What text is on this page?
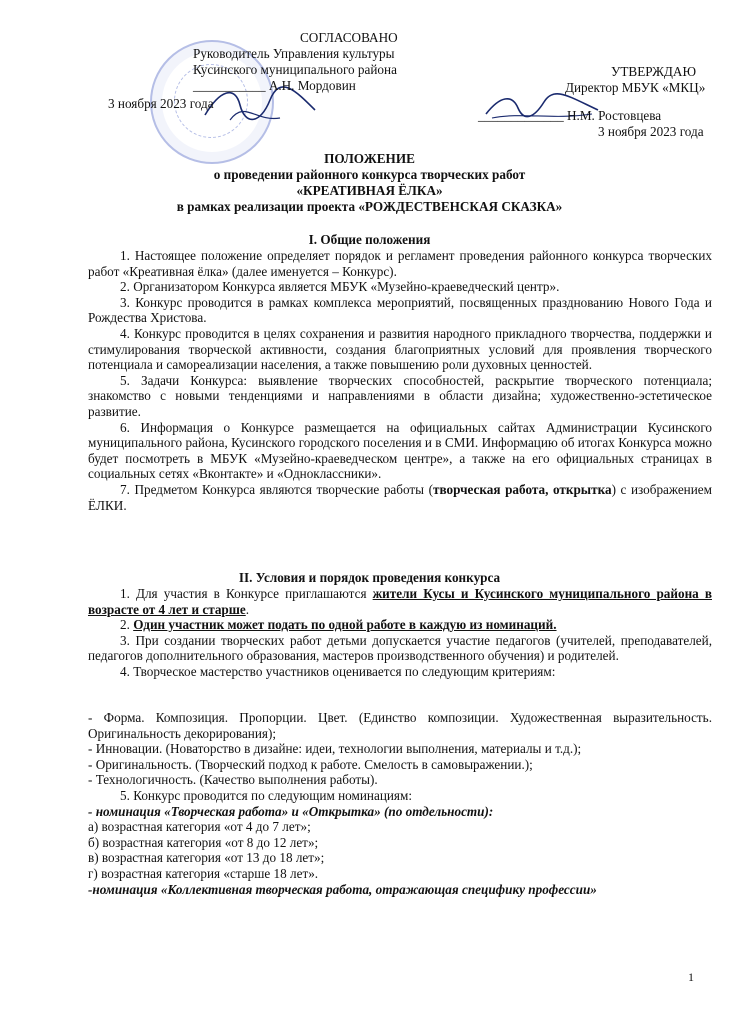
СОГЛАСОВАНО
Руководитель Управления культуры
Кусинского муниципального района
___________ А.Н. Мордовин
3 ноября 2023 года
УТВЕРЖДАЮ
Директор МБУК «МКЦ»
_____________ Н.М. Ростовцева
3 ноября 2023 года
ПОЛОЖЕНИЕ
о проведении районного конкурса творческих работ
«КРЕАТИВНАЯ ЁЛКА»
в рамках реализации проекта «РОЖДЕСТВЕНСКАЯ СКАЗКА»
I. Общие положения
1. Настоящее положение определяет порядок и регламент проведения районного конкурса творческих работ «Креативная ёлка» (далее именуется – Конкурс).
2. Организатором Конкурса является МБУК «Музейно-краеведческий центр».
3. Конкурс проводится в рамках комплекса мероприятий, посвященных празднованию Нового Года и Рождества Христова.
4. Конкурс проводится в целях сохранения и развития народного прикладного творчества, поддержки и стимулирования творческой активности, создания благоприятных условий для проявления творческого потенциала и самореализации населения, а также повышению роли духовных ценностей.
5. Задачи Конкурса: выявление творческих способностей, раскрытие творческого потенциала; знакомство с новыми тенденциями и направлениями в области дизайна; художественно-эстетическое развитие.
6. Информация о Конкурсе размещается на официальных сайтах Администрации Кусинского муниципального района, Кусинского городского поселения и в СМИ. Информацию об итогах Конкурса можно будет посмотреть в МБУК «Музейно-краеведческом центре», а также на его официальных страницах в социальных сетях «Вконтакте» и «Одноклассники».
7. Предметом Конкурса являются творческие работы (творческая работа, открытка) с изображением ЁЛКИ.
II. Условия и порядок проведения конкурса
1. Для участия в Конкурсе приглашаются жители Кусы и Кусинского муниципального района в возрасте от 4 лет и старше.
2. Один участник может подать по одной работе в каждую из номинаций.
3. При создании творческих работ детьми допускается участие педагогов (учителей, преподавателей, педагогов дополнительного образования, мастеров производственного обучения) и родителей.
4. Творческое мастерство участников оценивается по следующим критериям:
- Форма. Композиция. Пропорции. Цвет. (Единство композиции. Художественная выразительность. Оригинальность декорирования);
- Инновации. (Новаторство в дизайне: идеи, технологии выполнения, материалы и т.д.);
- Оригинальность. (Творческий подход к работе. Смелость в самовыражении.);
- Технологичность. (Качество выполнения работы).
5. Конкурс проводится по следующим номинациям:
- номинация «Творческая работа» и «Открытка» (по отдельности):
а) возрастная категория «от 4 до 7 лет»;
б) возрастная категория «от 8 до 12 лет»;
в) возрастная категория «от 13 до 18 лет»;
г) возрастная категория «старше 18 лет».
-номинация «Коллективная творческая работа, отражающая специфику профессии»
1
